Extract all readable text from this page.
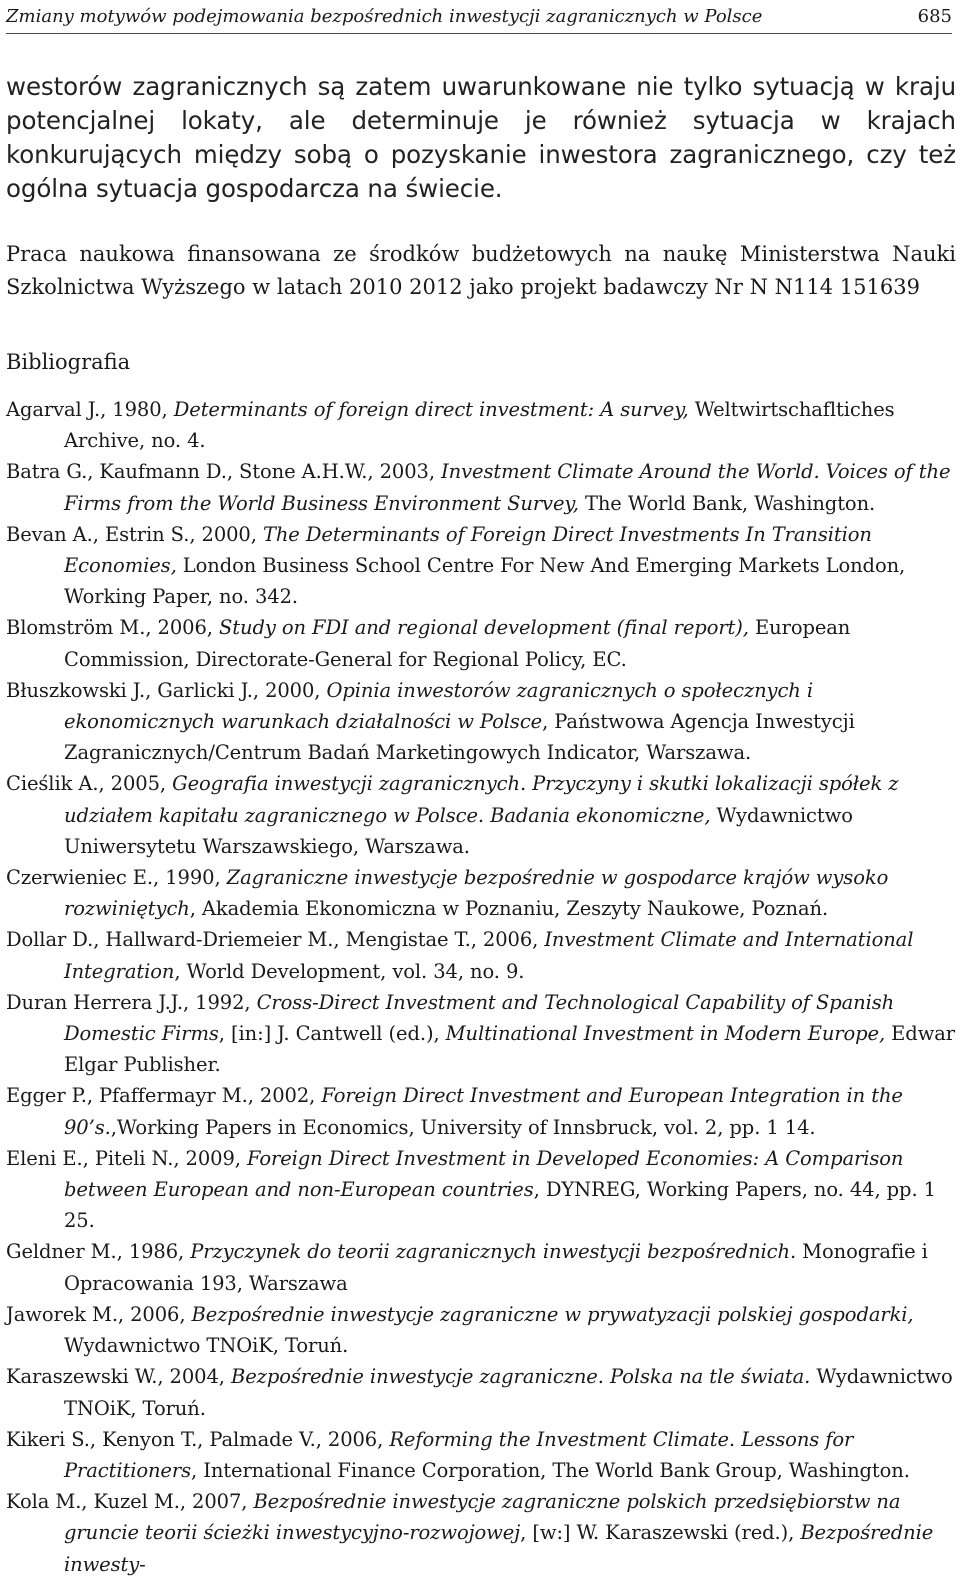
Zmiany motywów podejmowania bezpośrednich inwestycji zagranicznych w Polsce	685

westorów zagranicznych są zatem uwarunkowane nie tylko sytuacją w kraju potencjalnej lokaty, ale determinuje je również sytuacja w krajach konkurujących między sobą o pozyskanie inwestora zagranicznego, czy też ogólna sytuacja gospodarcza na świecie.

Praca naukowa finansowana ze środków budżetowych na naukę Ministerstwa Nauki Szkolnictwa Wyższego w latach 2010 2012 jako projekt badawczy Nr N N114 151639

Bibliografia
Agarval J., 1980, Determinants of foreign direct investment: A survey, Weltwirtschafltiches Archive, no. 4.
Batra G., Kaufmann D., Stone A.H.W., 2003, Investment Climate Around the World. Voices of the Firms from the World Business Environment Survey, The World Bank, Washington.
Bevan A., Estrin S., 2000, The Determinants of Foreign Direct Investments In Transition Economies, London Business School Centre For New And Emerging Markets London, Working Paper, no. 342.
Blomström M., 2006, Study on FDI and regional development (final report), European Commission, Directorate-General for Regional Policy, EC.
Błuszkowski J., Garlicki J., 2000, Opinia inwestorów zagranicznych o społecznych i ekonomicznych warunkach działalności w Polsce, Państwowa Agencja Inwestycji Zagranicznych/Centrum Badań Marketingowych Indicator, Warszawa.
Cieślik A., 2005, Geografia inwestycji zagranicznych. Przyczyny i skutki lokalizacji spółek z udziałem kapitału zagranicznego w Polsce. Badania ekonomiczne, Wydawnictwo Uniwersytetu Warszawskiego, Warszawa.
Czerwieniec E., 1990, Zagraniczne inwestycje bezpośrednie w gospodarce krajów wysoko rozwiniętych, Akademia Ekonomiczna w Poznaniu, Zeszyty Naukowe, Poznań.
Dollar D., Hallward-Driemeier M., Mengistae T., 2006, Investment Climate and International Integration, World Development, vol. 34, no. 9.
Duran Herrera J.J., 1992, Cross-Direct Investment and Technological Capability of Spanish Domestic Firms, [in:] J. Cantwell (ed.), Multinational Investment in Modern Europe, Edwar Elgar Publisher.
Egger P., Pfaffermayr M., 2002, Foreign Direct Investment and European Integration in the 90’s.,Working Papers in Economics, University of Innsbruck, vol. 2, pp. 1 14.
Eleni E., Piteli N., 2009, Foreign Direct Investment in Developed Economies: A Comparison between European and non-European countries, DYNREG, Working Papers, no. 44, pp. 1 25.
Geldner M., 1986, Przyczynek do teorii zagranicznych inwestycji bezpośrednich. Monografie i Opracowania 193, Warszawa
Jaworek M., 2006, Bezpośrednie inwestycje zagraniczne w prywatyzacji polskiej gospodarki, Wydawnictwo TNOiK, Toruń.
Karaszewski W., 2004, Bezpośrednie inwestycje zagraniczne. Polska na tle świata. Wydawnictwo TNOiK, Toruń.
Kikeri S., Kenyon T., Palmade V., 2006, Reforming the Investment Climate. Lessons for Practitioners, International Finance Corporation, The World Bank Group, Washington.
Kola M., Kuzel M., 2007, Bezpośrednie inwestycje zagraniczne polskich przedsiębiorstw na gruncie teorii ścieżki inwestycyjno-rozwojowej, [w:] W. Karaszewski (red.), Bezpośrednie inwesty-
